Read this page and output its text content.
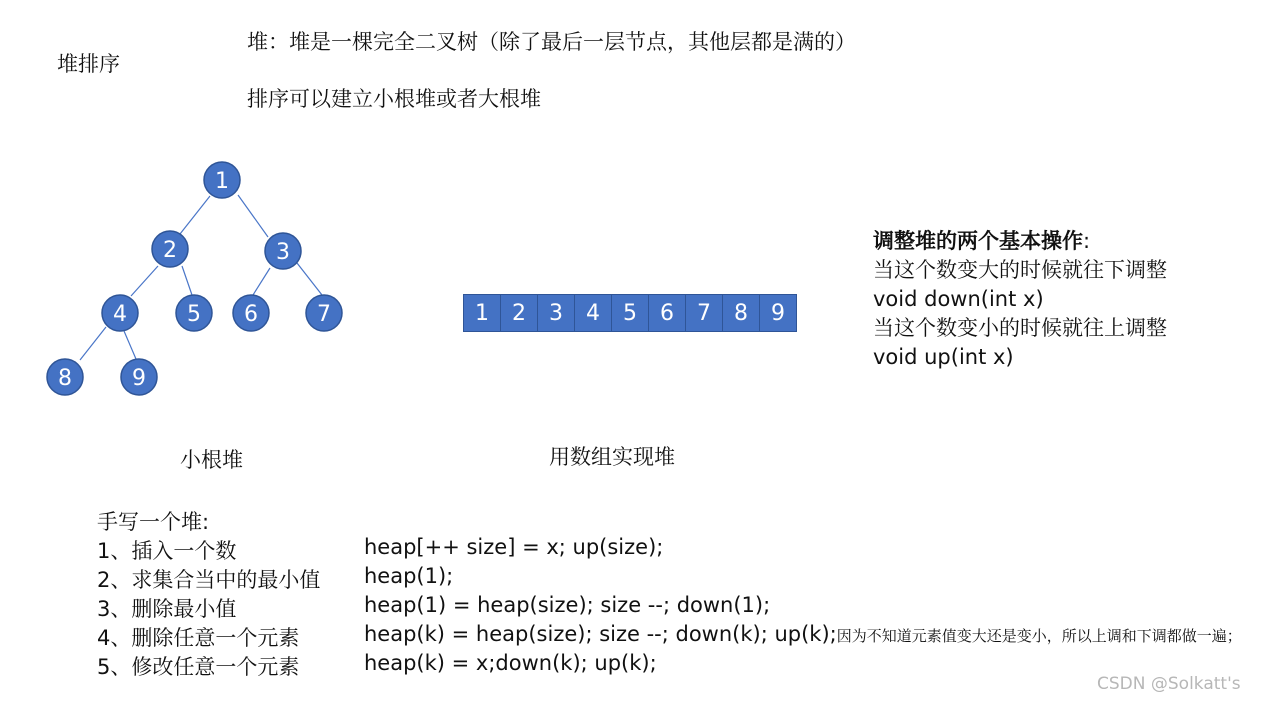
堆排序
堆：堆是一棵完全二叉树（除了最后一层节点，其他层都是满的）
排序可以建立小根堆或者大根堆
1
2	3
4	5 6	7
8	9
小根堆
1	2	3	4	5	6	7	8	9
用数组实现堆
调整堆的两个基本操作:
当这个数变大的时候就往下调整
void down(int x)
当这个数变小的时候就往上调整
void up(int x)
手写一个堆:
1、插入一个数	heap[++ size] = x; up(size);
2、求集合当中的最小值 heap(1);
3、删除最小值	heap(1) = heap(size); size --; down(1);
4、删除任意一个元素	heap(k) = heap(size); size --; down(k); up(k);因为不知道元素值变大还是变小，所以上调和下调都做一遍；
5、修改任意一个元素	heap(k) = x;down(k); up(k);
CSDN @Solkatt's
